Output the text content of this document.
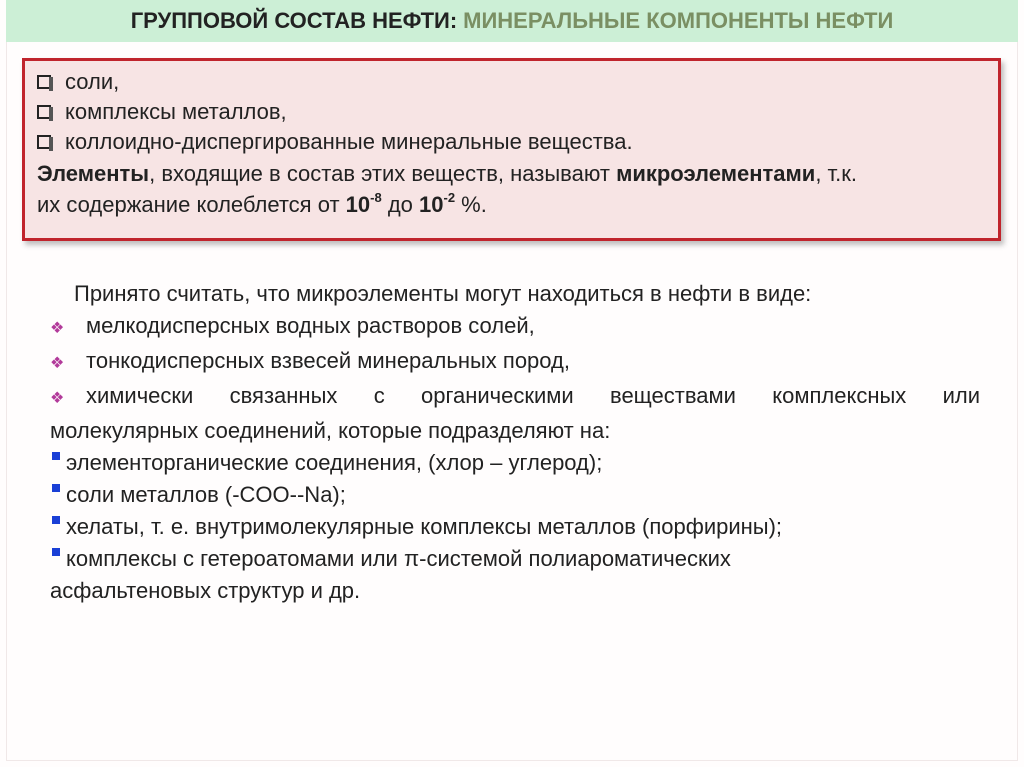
ГРУППОВОЙ СОСТАВ НЕФТИ: МИНЕРАЛЬНЫЕ КОМПОНЕНТЫ НЕФТИ
соли,
комплексы металлов,
коллоидно-диспергированные минеральные вещества.
Элементы, входящие в состав этих веществ, называют микроэлементами, т.к.
их содержание колеблется от $10^{-8}$ до $10^{-2}$ %.
Принято считать, что микроэлементы могут находиться в нефти в виде:
❖	мелкодисперсных водных растворов солей,
❖	тонкодисперсных взвесей минеральных пород,
❖	химически связанных с органическими веществами комплексных или
молекулярных соединений, которые подразделяют на:
элементорганические соединения, (хлор – углерод);
соли металлов (-COO--Na);
хелаты, т. е. внутримолекулярные комплексы металлов (порфирины);
комплексы с гетероатомами или π-системой полиароматических
асфальтеновых структур и др.
